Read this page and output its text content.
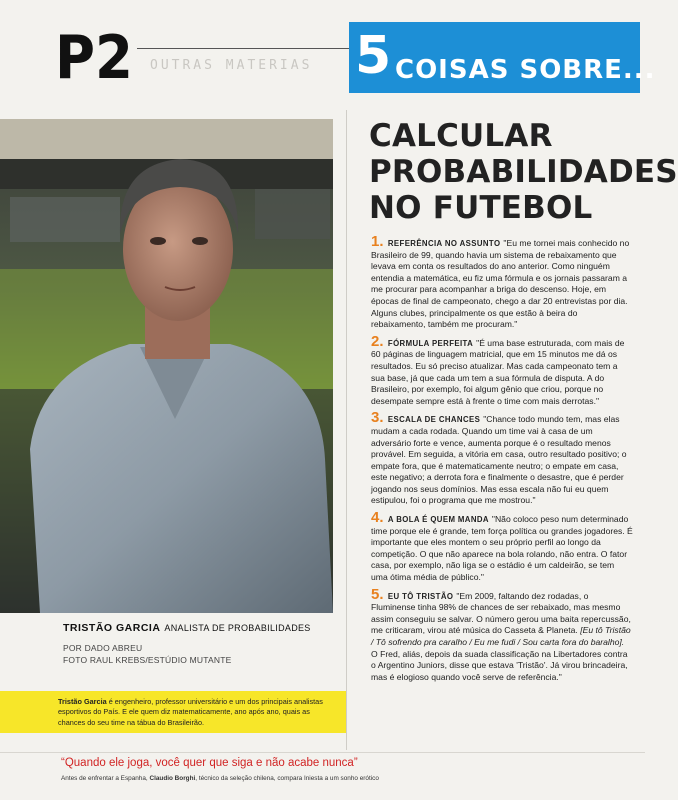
P2 OUTRAS MATERIAS 5 COISAS SOBRE...
TRISTÃO GARCIA ANALISTA DE PROBABILIDADES
POR DADO ABREU
FOTO RAUL KREBS/ESTÚDIO MUTANTE
Tristão Garcia é engenheiro, professor universitário e um dos principais analistas esportivos do País. E ele quem diz matematicamente, ano após ano, quais as chances do seu time na tábua do Brasileirão.
CALCULAR
PROBABILIDADES
NO FUTEBOL

1. REFERÊNCIA NO ASSUNTO "Eu me tornei mais conhecido no Brasileiro de 99, quando havia um sistema de rebaixamento que levava em conta os resultados do ano anterior. Como ninguém entendia a matemática, eu fiz uma fórmula e os jornais passaram a me procurar para acompanhar a briga do descenso. Hoje, em épocas de final de campeonato, chego a dar 20 entrevistas por dia. Alguns clubes, principalmente os que estão à beira do rebaixamento, também me procuram."

2. FÓRMULA PERFEITA "É uma base estruturada, com mais de 60 páginas de linguagem matricial, que em 15 minutos me dá os resultados. Eu só preciso atualizar. Mas cada campeonato tem a sua base, já que cada um tem a sua fórmula de disputa. A do Brasileiro, por exemplo, foi algum gênio que criou, porque no desempate sempre está à frente o time com mais derrotas."

3. ESCALA DE CHANCES "Chance todo mundo tem, mas elas mudam a cada rodada. Quando um time vai à casa de um adversário forte e vence, aumenta porque é o resultado menos provável. Em seguida, a vitória em casa, outro resultado positivo; o empate fora, que é matematicamente neutro; o empate em casa, este negativo; a derrota fora e finalmente o desastre, que é perder jogando nos seus domínios. Mas essa escala não fui eu quem estipulou, foi o programa que me mostrou."

4. A BOLA É QUEM MANDA "Não coloco peso num determinado time porque ele é grande, tem força política ou grandes jogadores. É importante que eles montem o seu próprio perfil ao longo da competição. O que não aparece na bola rolando, não entra. O fator casa, por exemplo, não liga se o estádio é um caldeirão, se tem uma ótima média de público."

5. EU TÔ TRISTÃO "Em 2009, faltando dez rodadas, o Fluminense tinha 98% de chances de ser rebaixado, mas mesmo assim conseguiu se salvar. O número gerou uma baita repercussão, me criticaram, virou até música do Casseta & Planeta. [Eu tô Tristão / Tô sofrendo pra caralho / Eu me fudi / Sou carta fora do baralho]. O Fred, aliás, depois da suada classificação na Libertadores contra o Argentino Juniors, disse que estava 'Tristão'. Já virou brincadeira, mas é elogioso quando você serve de referência."

“Quando ele joga, você quer que siga e não acabe nunca”
Antes de enfrentar a Espanha, Claudio Borghi, técnico da seleção chilena, compara Iniesta a um sonho erótico
